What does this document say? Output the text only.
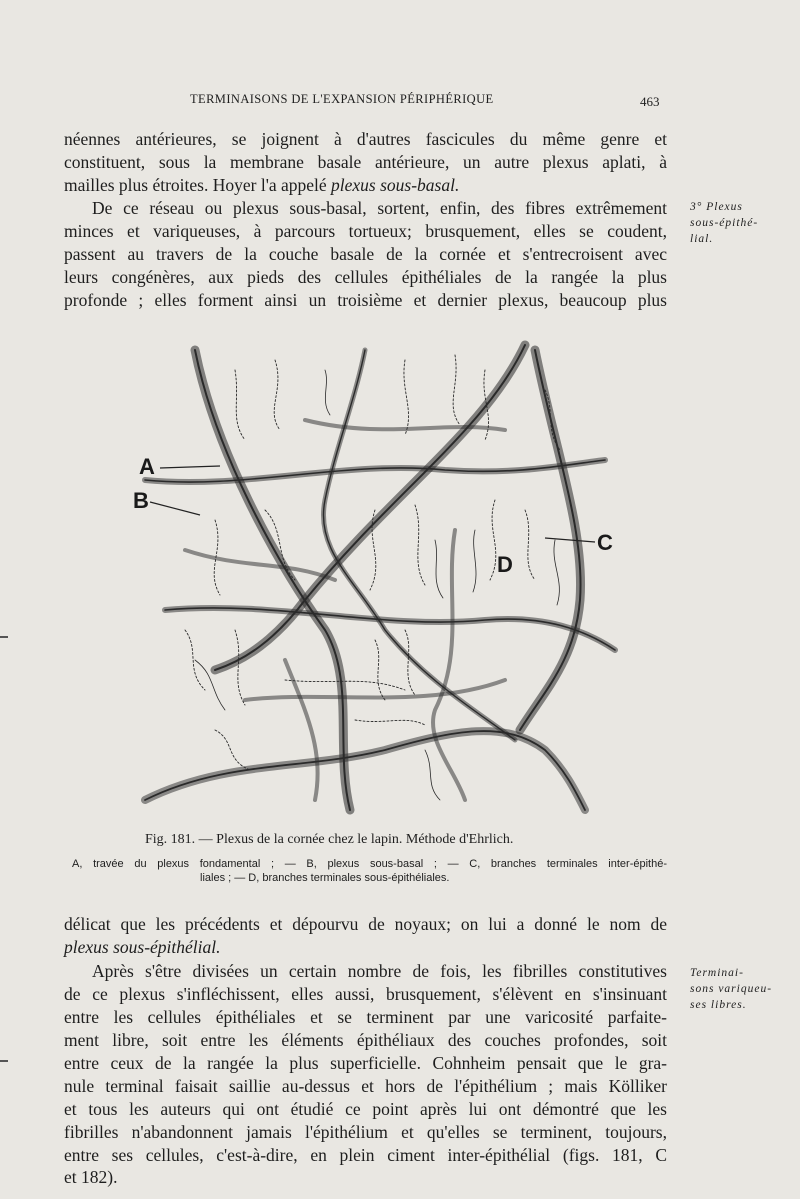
TERMINAISONS DE L'EXPANSION PÉRIPHÉRIQUE	463
néennes antérieures, se joignent à d'autres fascicules du même genre et
constituent, sous la membrane basale antérieure, un autre plexus aplati, à
mailles plus étroites. Hoyer l'a appelé plexus sous-basal.
De ce réseau ou plexus sous-basal, sortent, enfin, des fibres extrêmement
minces et variqueuses, à parcours tortueux; brusquement, elles se coudent,
passent au travers de la couche basale de la cornée et s'entrecroisent avec
leurs congénères, aux pieds des cellules épithéliales de la rangée la plus
profonde ; elles forment ainsi un troisième et dernier plexus, beaucoup plus
3° Plexus
sous-épithé-
lial.
A
B
C
D
Fig. 181. — Plexus de la cornée chez le lapin. Méthode d'Ehrlich.
A, travée du plexus fondamental ; — B, plexus sous-basal ; — C, branches terminales inter-épithé-
liales ; — D, branches terminales sous-épithéliales.
délicat que les précédents et dépourvu de noyaux; on lui a donné le nom de
plexus sous-épithélial.
Après s'être divisées un certain nombre de fois, les fibrilles constitutives
de ce plexus s'infléchissent, elles aussi, brusquement, s'élèvent en s'insinuant
entre les cellules épithéliales et se terminent par une varicosité parfaite-
ment libre, soit entre les éléments épithéliaux des couches profondes, soit
entre ceux de la rangée la plus superficielle. Cohnheim pensait que le gra-
nule terminal faisait saillie au-dessus et hors de l'épithélium ; mais Kölliker
et tous les auteurs qui ont étudié ce point après lui ont démontré que les
fibrilles n'abandonnent jamais l'épithélium et qu'elles se terminent, toujours,
entre ses cellules, c'est-à-dire, en plein ciment inter-épithélial (figs. 181, C
et 182).
Terminai-
sons variqueu-
ses libres.
